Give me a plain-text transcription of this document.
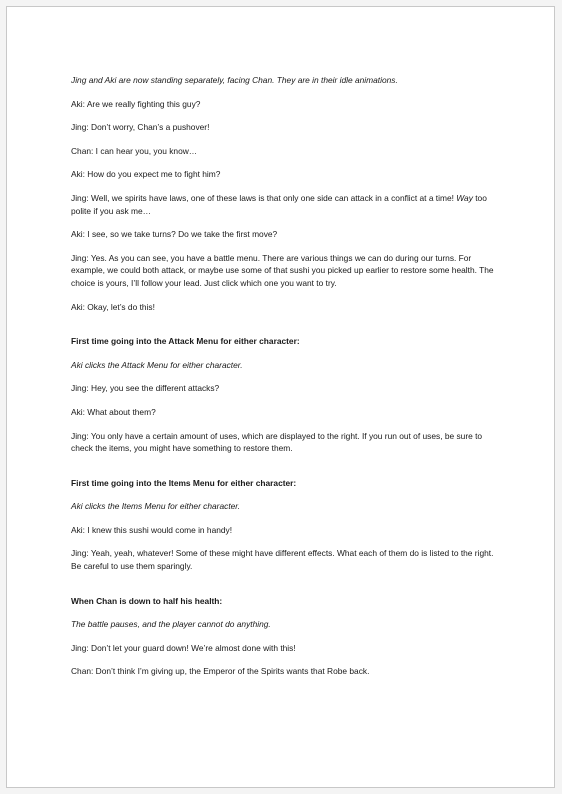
Jing and Aki are now standing separately, facing Chan. They are in their idle animations.

Aki: Are we really fighting this guy?

Jing: Don’t worry, Chan’s a pushover!

Chan: I can hear you, you know…

Aki: How do you expect me to fight him?

Jing: Well, we spirits have laws, one of these laws is that only one side can attack in a conflict at a time! Way too polite if you ask me…

Aki: I see, so we take turns? Do we take the first move?

Jing: Yes. As you can see, you have a battle menu. There are various things we can do during our turns. For example, we could both attack, or maybe use some of that sushi you picked up earlier to restore some health. The choice is yours, I’ll follow your lead. Just click which one you want to try.

Aki: Okay, let’s do this!

First time going into the Attack Menu for either character:

Aki clicks the Attack Menu for either character.

Jing: Hey, you see the different attacks?

Aki: What about them?

Jing: You only have a certain amount of uses, which are displayed to the right. If you run out of uses, be sure to check the items, you might have something to restore them.

First time going into the Items Menu for either character:

Aki clicks the Items Menu for either character.

Aki: I knew this sushi would come in handy!

Jing: Yeah, yeah, whatever! Some of these might have different effects. What each of them do is listed to the right. Be careful to use them sparingly.

When Chan is down to half his health:

The battle pauses, and the player cannot do anything.

Jing: Don’t let your guard down! We’re almost done with this!

Chan: Don’t think I’m giving up, the Emperor of the Spirits wants that Robe back.
